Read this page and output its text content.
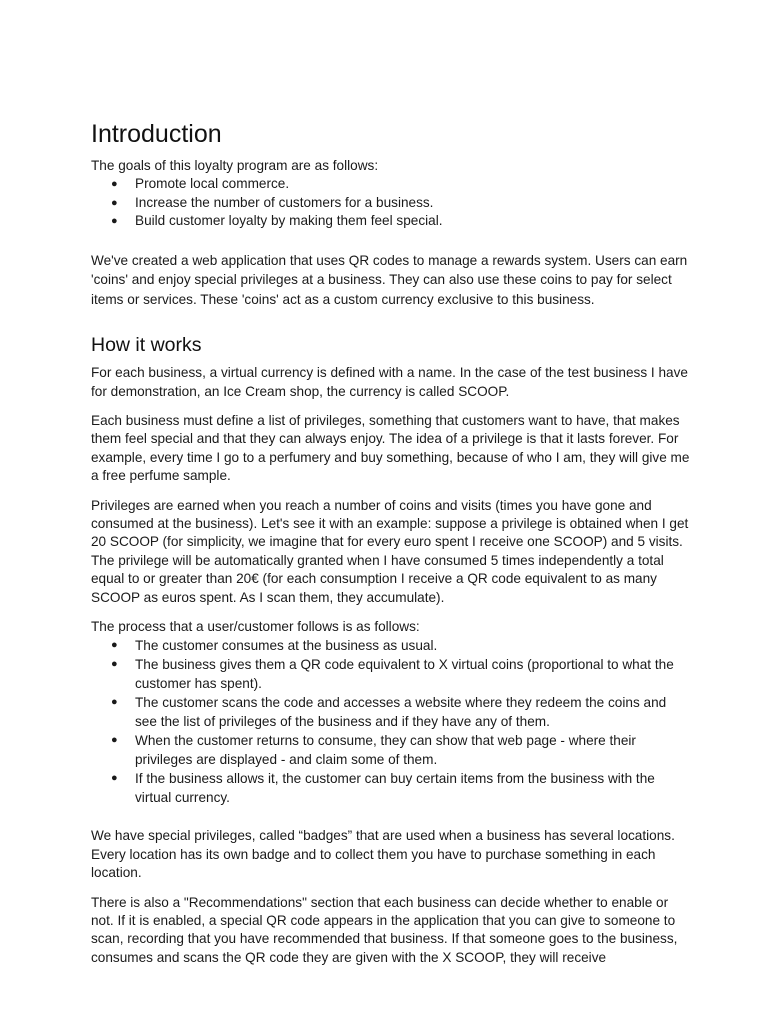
Introduction

The goals of this loyalty program are as follows:

● Promote local commerce.
● Increase the number of customers for a business.
● Build customer loyalty by making them feel special.

We've created a web application that uses QR codes to manage a rewards system. Users can earn 'coins' and enjoy special privileges at a business. They can also use these coins to pay for select items or services. These 'coins' act as a custom currency exclusive to this business.

How it works

For each business, a virtual currency is defined with a name. In the case of the test business I have for demonstration, an Ice Cream shop, the currency is called SCOOP.

Each business must define a list of privileges, something that customers want to have, that makes them feel special and that they can always enjoy. The idea of a privilege is that it lasts forever. For example, every time I go to a perfumery and buy something, because of who I am, they will give me a free perfume sample.

Privileges are earned when you reach a number of coins and visits (times you have gone and consumed at the business). Let's see it with an example: suppose a privilege is obtained when I get 20 SCOOP (for simplicity, we imagine that for every euro spent I receive one SCOOP) and 5 visits. The privilege will be automatically granted when I have consumed 5 times independently a total equal to or greater than 20€ (for each consumption I receive a QR code equivalent to as many SCOOP as euros spent. As I scan them, they accumulate).

The process that a user/customer follows is as follows:

● The customer consumes at the business as usual.
● The business gives them a QR code equivalent to X virtual coins (proportional to what the customer has spent).
● The customer scans the code and accesses a website where they redeem the coins and see the list of privileges of the business and if they have any of them.
● When the customer returns to consume, they can show that web page - where their privileges are displayed - and claim some of them.
● If the business allows it, the customer can buy certain items from the business with the virtual currency.

We have special privileges, called “badges” that are used when a business has several locations. Every location has its own badge and to collect them you have to purchase something in each location.

There is also a "Recommendations" section that each business can decide whether to enable or not. If it is enabled, a special QR code appears in the application that you can give to someone to scan, recording that you have recommended that business. If that someone goes to the business, consumes and scans the QR code they are given with the X SCOOP, they will receive
